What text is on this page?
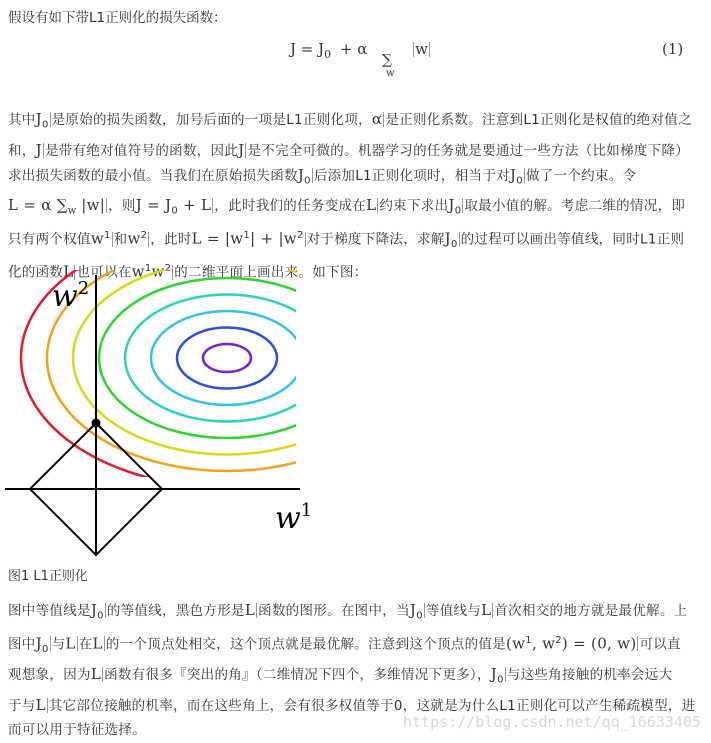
假设有如下带L1正则化的损失函数：
$J = J_0 + \alpha$
∑
w
w	(1)
其中$J_0$ 是原始的损失函数，加号后面的一项是L1正则化项，α 是正则化系数。注意到L1正则化是权值的绝对值之
和，J 是带有绝对值符号的函数，因此J 是不完全可微的。机器学习的任务就是要通过一些方法（比如梯度下降）
求出损失函数的最小值。当我们在原始损失函数$J_0$ 后添加L1正则化项时，相当于对$J_0$ 做了一个约束。令
L = α $\sum_w$ |w| ，则$J = J_0 + L$ ，此时我们的任务变成在L 约束下求出$J_0$ 取最小值的解。考虑二维的情况，即
只有两个权值$w^1$ 和$w^2$ ，此时$L = |w^1| + |w^2$ 对于梯度下降法，求解$J_0$ 的过程可以画出等值线，同时L1正则
化的函数L 也可以在$w^1w^2$ 的二维平面上画出来。如下图：
$w^2$
$w^1$
图1 L1正则化
图中等值线是$J_0$ 的等值线，黑色方形是L 函数的图形。在图中，当$J_0$ 等值线与L 首次相交的地方就是最优解。上
图中$J_0$ 与L 在L 的一个顶点处相交，这个顶点就是最优解。注意到这个顶点的值是($w^1$, $w^2) = (0$, w) 可以直
观想象，因为L 函数有很多『突出的角』（二维情况下四个，多维情况下更多），$J_0$ 与这些角接触的机率会远大
于与L 其它部位接触的机率，而在这些角上，会有很多权值等于0，这就是为什么L1正则化可以产生稀疏模型，进
而可以用于特征选择。	https://blog.csdn.net/qq_16633405
